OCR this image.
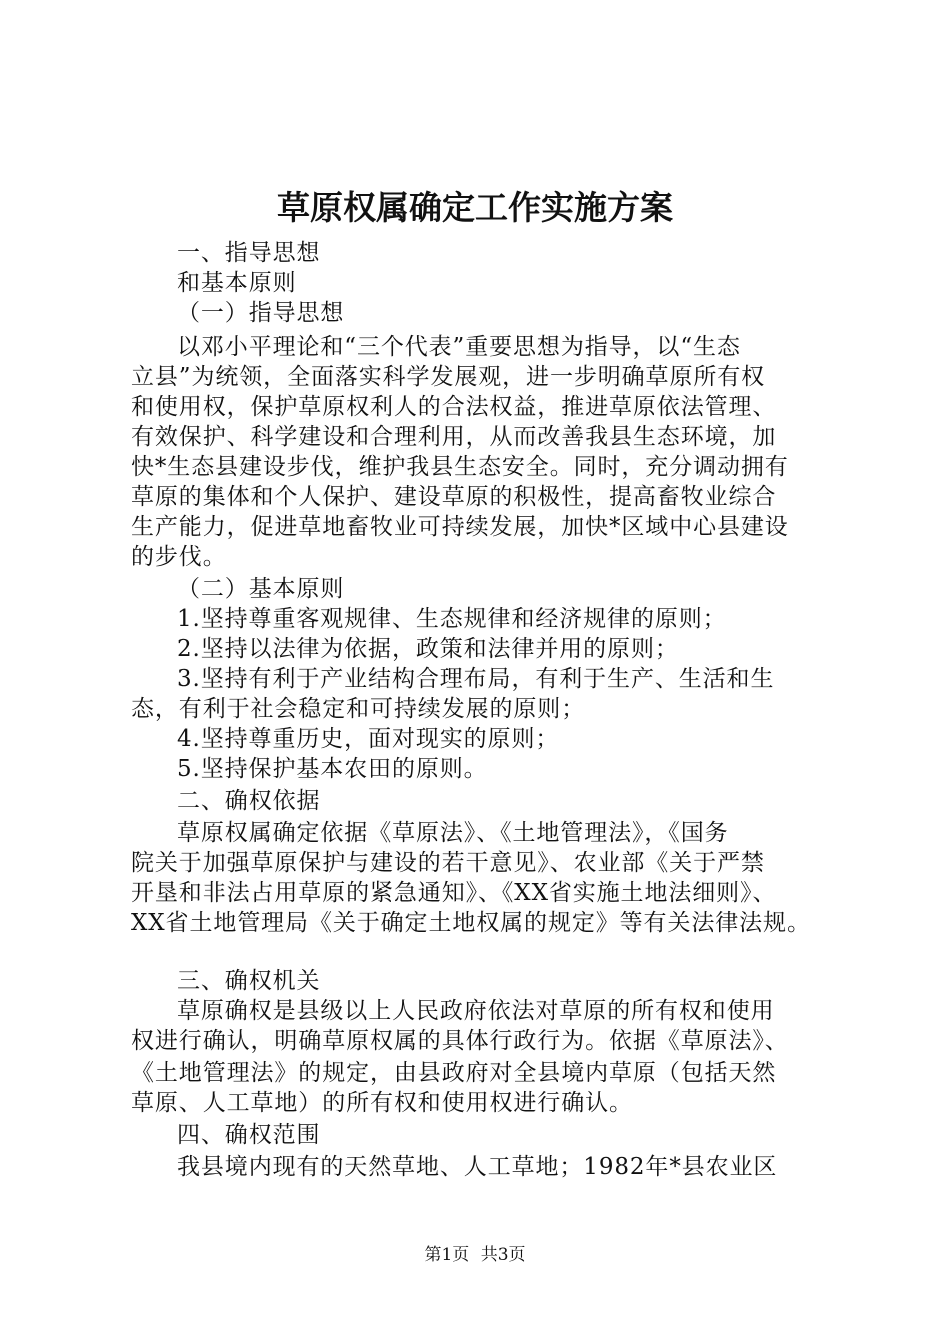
草原权属确定工作实施方案
一、指导思想
和基本原则
（一）指导思想
以邓小平理论和“三个代表”重要思想为指导，以“生态
立县”为统领，全面落实科学发展观，进一步明确草原所有权
和使用权，保护草原权利人的合法权益，推进草原依法管理、
有效保护、科学建设和合理利用，从而改善我县生态环境，加
快*生态县建设步伐，维护我县生态安全。同时，充分调动拥有
草原的集体和个人保护、建设草原的积极性，提高畜牧业综合
生产能力，促进草地畜牧业可持续发展，加快*区域中心县建设
的步伐。
（二）基本原则
1.坚持尊重客观规律、生态规律和经济规律的原则；
2.坚持以法律为依据，政策和法律并用的原则；
3.坚持有利于产业结构合理布局，有利于生产、生活和生
态，有利于社会稳定和可持续发展的原则；
4.坚持尊重历史，面对现实的原则；
5.坚持保护基本农田的原则。
二、确权依据
草原权属确定依据《草原法》、《土地管理法》，《国务
院关于加强草原保护与建设的若干意见》、农业部《关于严禁
开垦和非法占用草原的紧急通知》、《XX省实施土地法细则》、
XX省土地管理局《关于确定土地权属的规定》等有关法律法规。
三、确权机关
草原确权是县级以上人民政府依法对草原的所有权和使用
权进行确认，明确草原权属的具体行政行为。依据《草原法》、
《土地管理法》的规定，由县政府对全县境内草原（包括天然
草原、人工草地）的所有权和使用权进行确认。
四、确权范围
我县境内现有的天然草地、人工草地；1982年*县农业区
第1页 共3页
